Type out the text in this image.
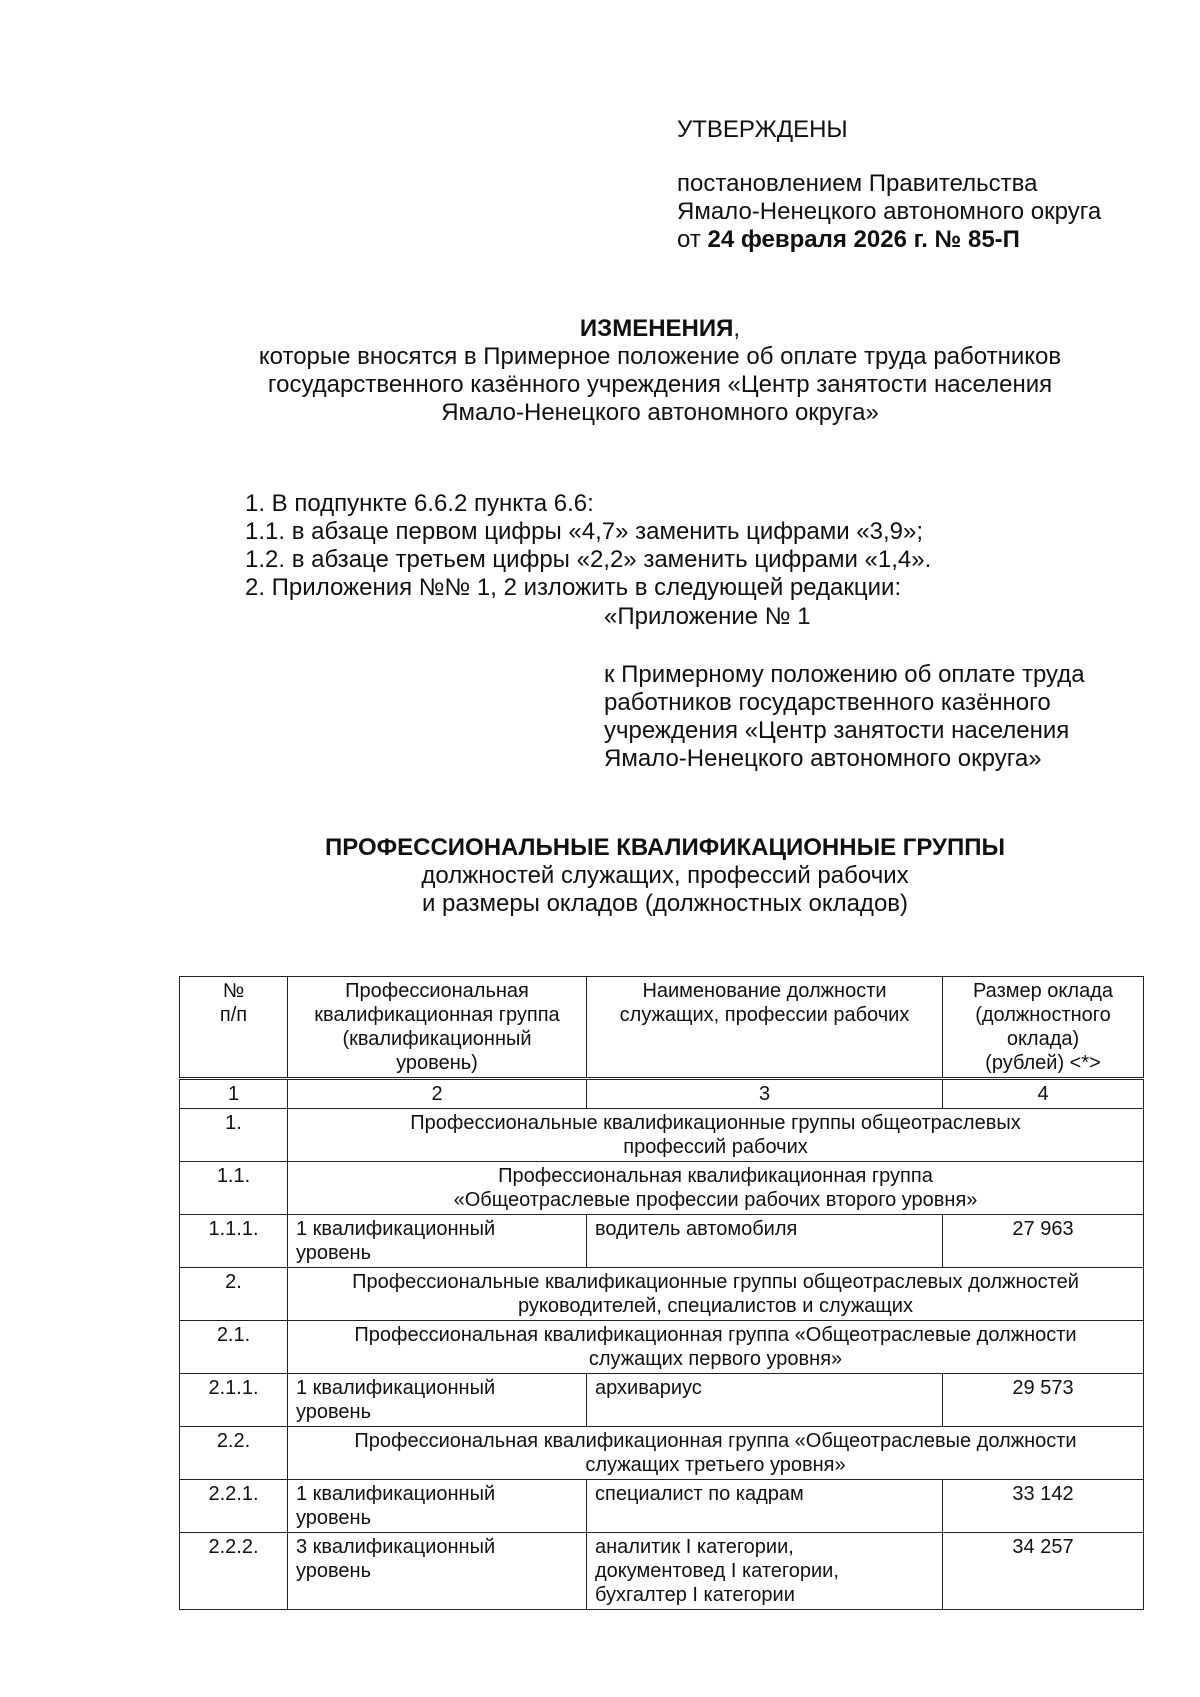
УТВЕРЖДЕНЫ
постановлением Правительства
Ямало-Ненецкого автономного округа
от 24 февраля 2026 г. № 85-П
ИЗМЕНЕНИЯ,
которые вносятся в Примерное положение об оплате труда работников
государственного казённого учреждения «Центр занятости населения
Ямало-Ненецкого автономного округа»
1. В подпункте 6.6.2 пункта 6.6:
1.1. в абзаце первом цифры «4,7» заменить цифрами «3,9»;
1.2. в абзаце третьем цифры «2,2» заменить цифрами «1,4».
2. Приложения №№ 1, 2 изложить в следующей редакции:
«Приложение № 1
к Примерному положению об оплате труда
работников государственного казённого
учреждения «Центр занятости населения
Ямало-Ненецкого автономного округа»
ПРОФЕССИОНАЛЬНЫЕ КВАЛИФИКАЦИОННЫЕ ГРУППЫ
должностей служащих, профессий рабочих
и размеры окладов (должностных окладов)
№
п/п	Профессиональная
квалификационная группа
(квалификационный
уровень)	Наименование должности
служащих, профессии рабочих	Размер оклада
(должностного
оклада)
(рублей) <*>

1	2	3	4

1.	Профессиональные квалификационные группы общеотраслевых
профессий рабочих		

1.1.	Профессиональная квалификационная группа
«Общеотраслевые профессии рабочих второго уровня»		

1.1.1.	1 квалификационный
уровень	водитель автомобиля	27 963

2.	Профессиональные квалификационные группы общеотраслевых должностей
руководителей, специалистов и служащих		

2.1.	Профессиональная квалификационная группа «Общеотраслевые должности
служащих первого уровня»		

2.1.1.	1 квалификационный
уровень	архивариус	29 573

2.2.	Профессиональная квалификационная группа «Общеотраслевые должности
служащих третьего уровня»		

2.2.1.	1 квалификационный
уровень	специалист по кадрам	33 142

2.2.2.	3 квалификационный
уровень	аналитик I категории,
документовед I категории,
бухгалтер I категории	34 257
